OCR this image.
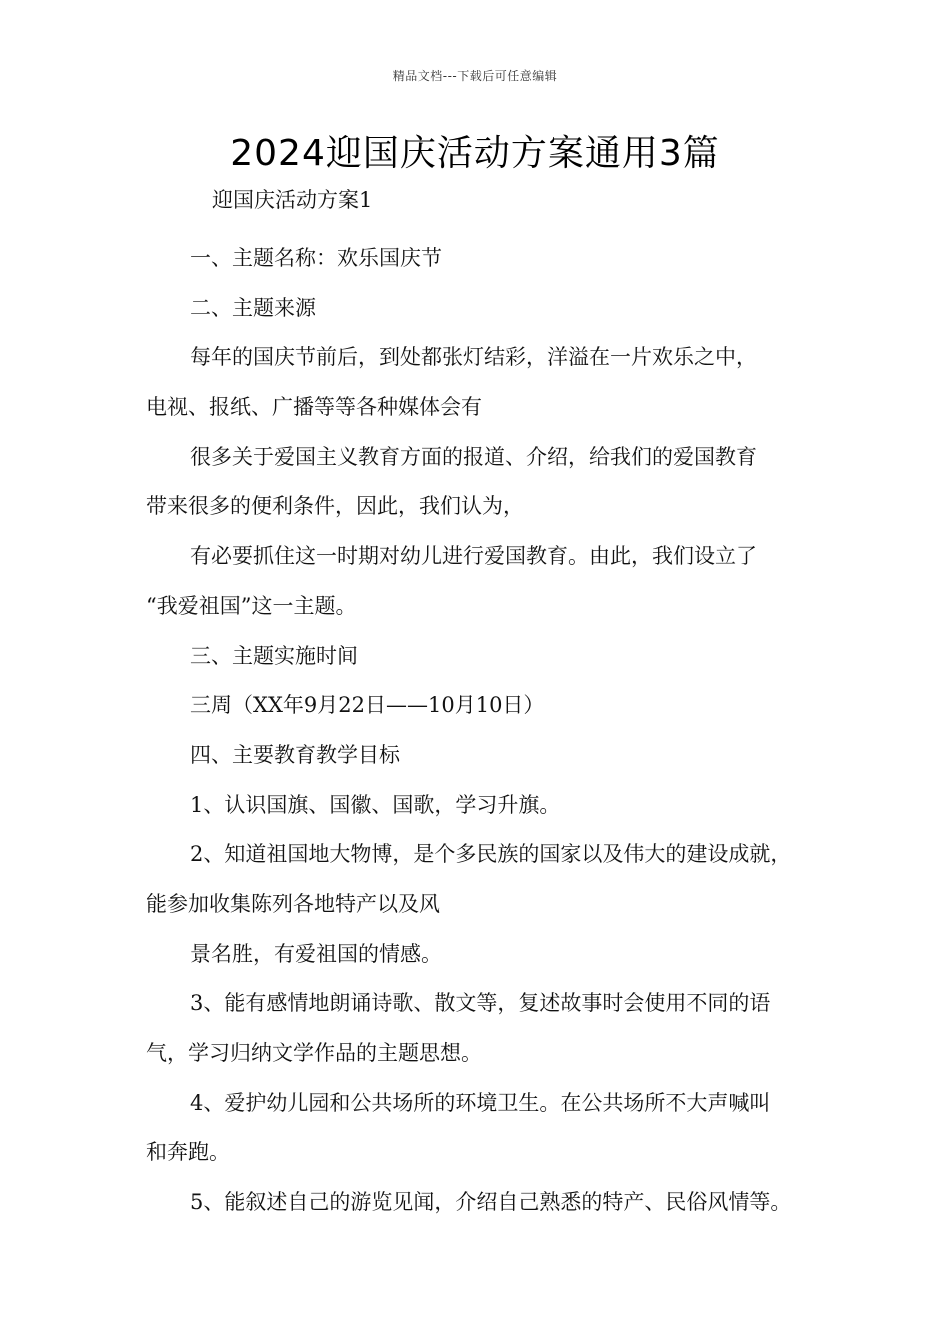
精品文档---下载后可任意编辑
2024迎国庆活动方案通用3篇
迎国庆活动方案1
一、主题名称：欢乐国庆节
二、主题来源
每年的国庆节前后，到处都张灯结彩，洋溢在一片欢乐之中，
电视、报纸、广播等等各种媒体会有
很多关于爱国主义教育方面的报道、介绍，给我们的爱国教育
带来很多的便利条件，因此，我们认为，
有必要抓住这一时期对幼儿进行爱国教育。由此，我们设立了
“我爱祖国”这一主题。
三、主题实施时间
三周（XX年9月22日——10月10日）
四、主要教育教学目标
1、认识国旗、国徽、国歌，学习升旗。
2、知道祖国地大物博，是个多民族的国家以及伟大的建设成就，
能参加收集陈列各地特产以及风
景名胜，有爱祖国的情感。
3、能有感情地朗诵诗歌、散文等，复述故事时会使用不同的语
气，学习归纳文学作品的主题思想。
4、爱护幼儿园和公共场所的环境卫生。在公共场所不大声喊叫
和奔跑。
5、能叙述自己的游览见闻，介绍自己熟悉的特产、民俗风情等。
